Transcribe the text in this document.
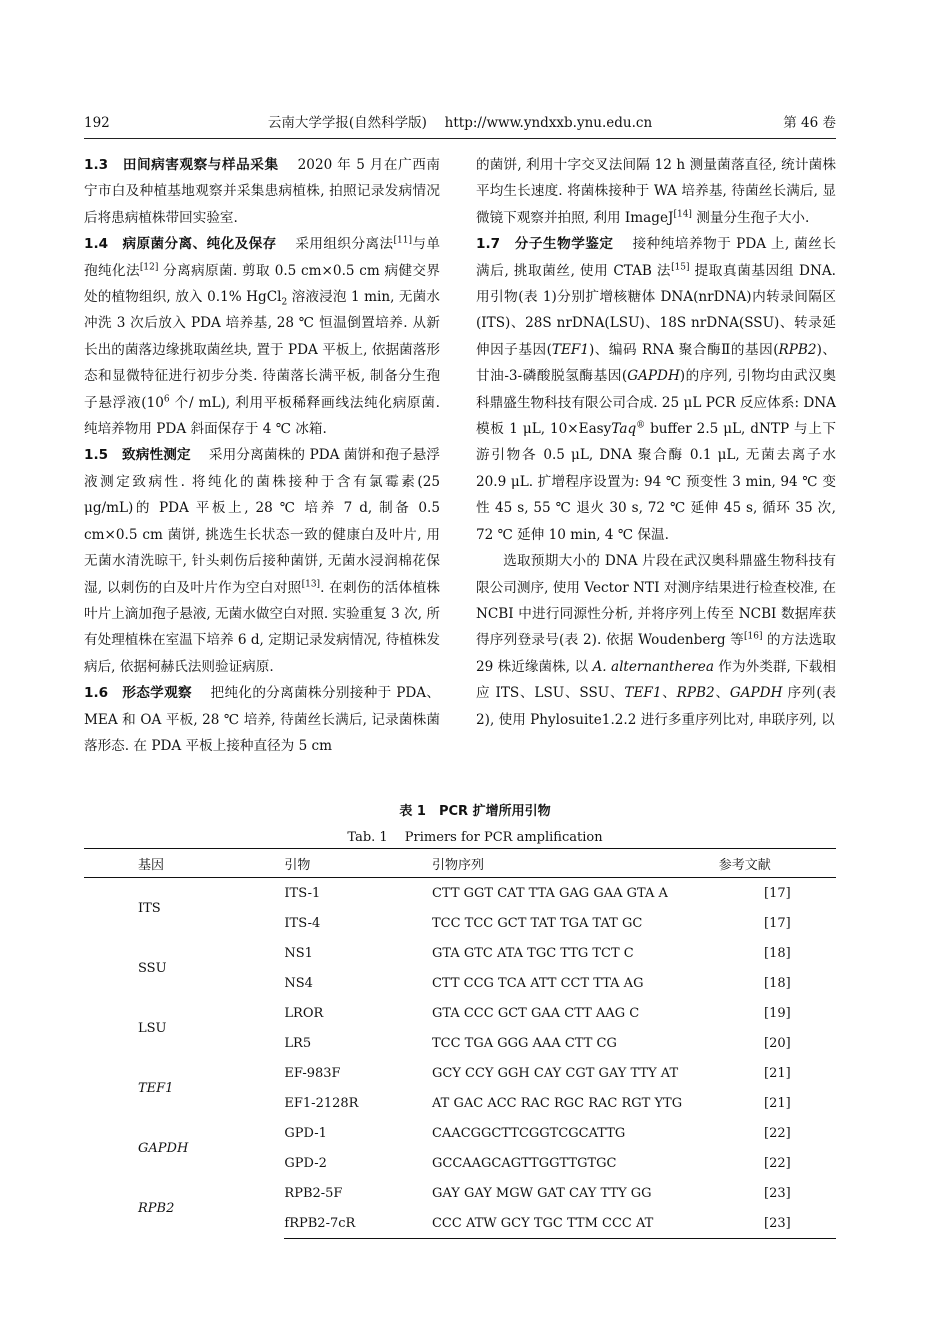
192	云南大学学报(自然科学版)　 http://www.yndxxb.ynu.edu.cn	第 46 卷

1.3　田间病害观察与样品采集　 2020 年 5 月在广西南宁市白及种植基地观察并采集患病植株, 拍照记录发病情况后将患病植株带回实验室.

1.4　病原菌分离、纯化及保存　 采用组织分离法[11]与单孢纯化法[12] 分离病原菌. 剪取 0.5 cm×0.5 cm 病健交界处的植物组织, 放入 0.1% HgCl$_2$ 溶液浸泡 1 min, 无菌水冲洗 3 次后放入 PDA 培养基, 28 ℃ 恒温倒置培养. 从新长出的菌落边缘挑取菌丝块, 置于 PDA 平板上, 依据菌落形态和显微特征进行初步分类. 待菌落长满平板, 制备分生孢子悬浮液($10^6$ 个/ mL), 利用平板稀释画线法纯化病原菌. 纯培养物用 PDA 斜面保存于 4 ℃ 冰箱.

1.5　致病性测定　 采用分离菌株的 PDA 菌饼和孢子悬浮液测定致病性. 将纯化的菌株接种于含有氯霉素(25 μg/mL)的 PDA 平板上, 28 ℃ 培养 7 d, 制备 0.5 cm×0.5 cm 菌饼, 挑选生长状态一致的健康白及叶片, 用无菌水清洗晾干, 针头刺伤后接种菌饼, 无菌水浸润棉花保湿, 以刺伤的白及叶片作为空白对照[13]. 在刺伤的活体植株叶片上滴加孢子悬液, 无菌水做空白对照. 实验重复 3 次, 所有处理植株在室温下培养 6 d, 定期记录发病情况, 待植株发病后, 依据柯赫氏法则验证病原.

1.6　形态学观察　 把纯化的分离菌株分别接种于 PDA、MEA 和 OA 平板, 28 ℃ 培养, 待菌丝长满后, 记录菌株菌落形态. 在 PDA 平板上接种直径为 5 cm

的菌饼, 利用十字交叉法间隔 12 h 测量菌落直径, 统计菌株平均生长速度. 将菌株接种于 WA 培养基, 待菌丝长满后, 显微镜下观察并拍照, 利用 ImageJ[14] 测量分生孢子大小.

1.7　分子生物学鉴定　 接种纯培养物于 PDA 上, 菌丝长满后, 挑取菌丝, 使用 CTAB 法[15] 提取真菌基因组 DNA. 用引物(表 1)分别扩增核糖体 DNA(nrDNA)内转录间隔区(ITS)、28S nrDNA(LSU)、18S nrDNA(SSU)、转录延伸因子基因(TEF1)、编码 RNA 聚合酶Ⅱ的基因(RPB2)、甘油-3-磷酸脱氢酶基因(GAPDH)的序列, 引物均由武汉奥科鼎盛生物科技有限公司合成. 25 μL PCR 反应体系: DNA 模板 1 μL, 10×EasyTaq® buffer 2.5 μL, dNTP 与上下游引物各 0.5 μL, DNA 聚合酶 0.1 μL, 无菌去离子水 20.9 μL. 扩增程序设置为: 94 ℃ 预变性 3 min, 94 ℃ 变性 45 s, 55 ℃ 退火 30 s, 72 ℃ 延伸 45 s, 循环 35 次, 72 ℃ 延伸 10 min, 4 ℃ 保温.

选取预期大小的 DNA 片段在武汉奥科鼎盛生物科技有限公司测序, 使用 Vector NTI 对测序结果进行检查校准, 在 NCBI 中进行同源性分析, 并将序列上传至 NCBI 数据库获得序列登录号(表 2). 依据 Woudenberg 等[16] 的方法选取 29 株近缘菌株, 以 A. alternantherea 作为外类群, 下载相应 ITS、LSU、SSU、TEF1、RPB2、GAPDH 序列(表 2), 使用 Phylosuite1.2.2 进行多重序列比对, 串联序列, 以

表 1　PCR 扩增所用引物
Tab. 1　 Primers for PCR amplification
基因	引物	引物序列	参考文献
ITS	ITS-1	CTT GGT CAT TTA GAG GAA GTA A	[17]
	ITS-4	TCC TCC GCT TAT TGA TAT GC	[17]
SSU	NS1	GTA GTC ATA TGC TTG TCT C	[18]
	NS4	CTT CCG TCA ATT CCT TTA AG	[18]
LSU	LROR	GTA CCC GCT GAA CTT AAG C	[19]
	LR5	TCC TGA GGG AAA CTT CG	[20]
TEF1	EF-983F	GCY CCY GGH CAY CGT GAY TTY AT	[21]
	EF1-2128R	AT GAC ACC RAC RGC RAC RGT YTG	[21]
GAPDH	GPD-1	CAACGGCTTCGGTCGCATTG	[22]
	GPD-2	GCCAAGCAGTTGGTTGTGC	[22]
RPB2	RPB2-5F	GAY GAY MGW GAT CAY TTY GG	[23]
	fRPB2-7cR	CCC ATW GCY TGC TTM CCC AT	[23]
